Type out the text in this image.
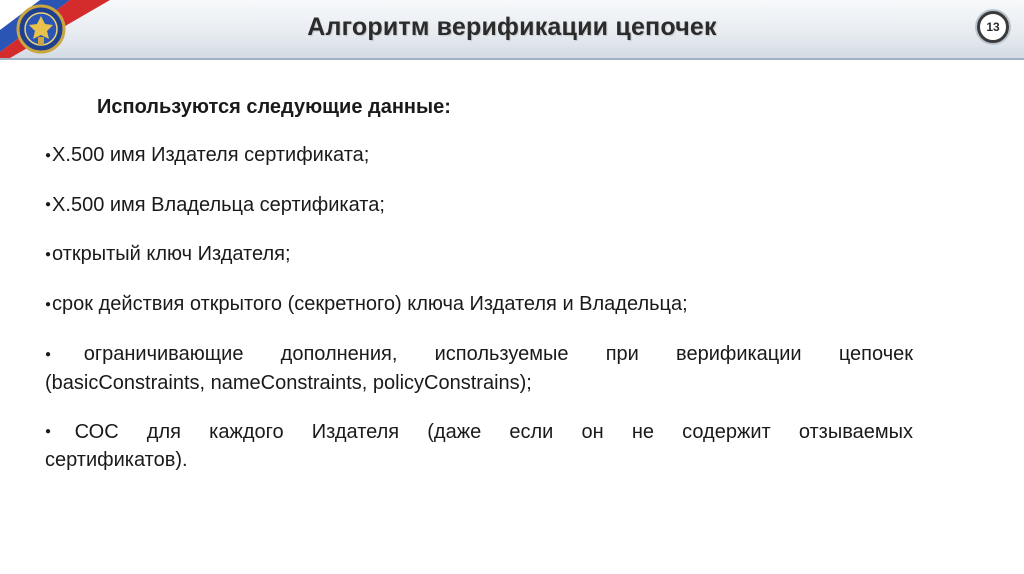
Алгоритм верификации цепочек	13

Используются следующие данные:

●Х.500 имя Издателя сертификата;

●Х.500 имя Владельца сертификата;

●открытый ключ Издателя;

●срок действия открытого (секретного) ключа Издателя и Владельца;

●ограничивающие дополнения, используемые при верификации цепочек
(basicConstraints, nameConstraints, policyConstrains);

●СОС для каждого Издателя (даже если он не содержит отзываемых
сертификатов).
